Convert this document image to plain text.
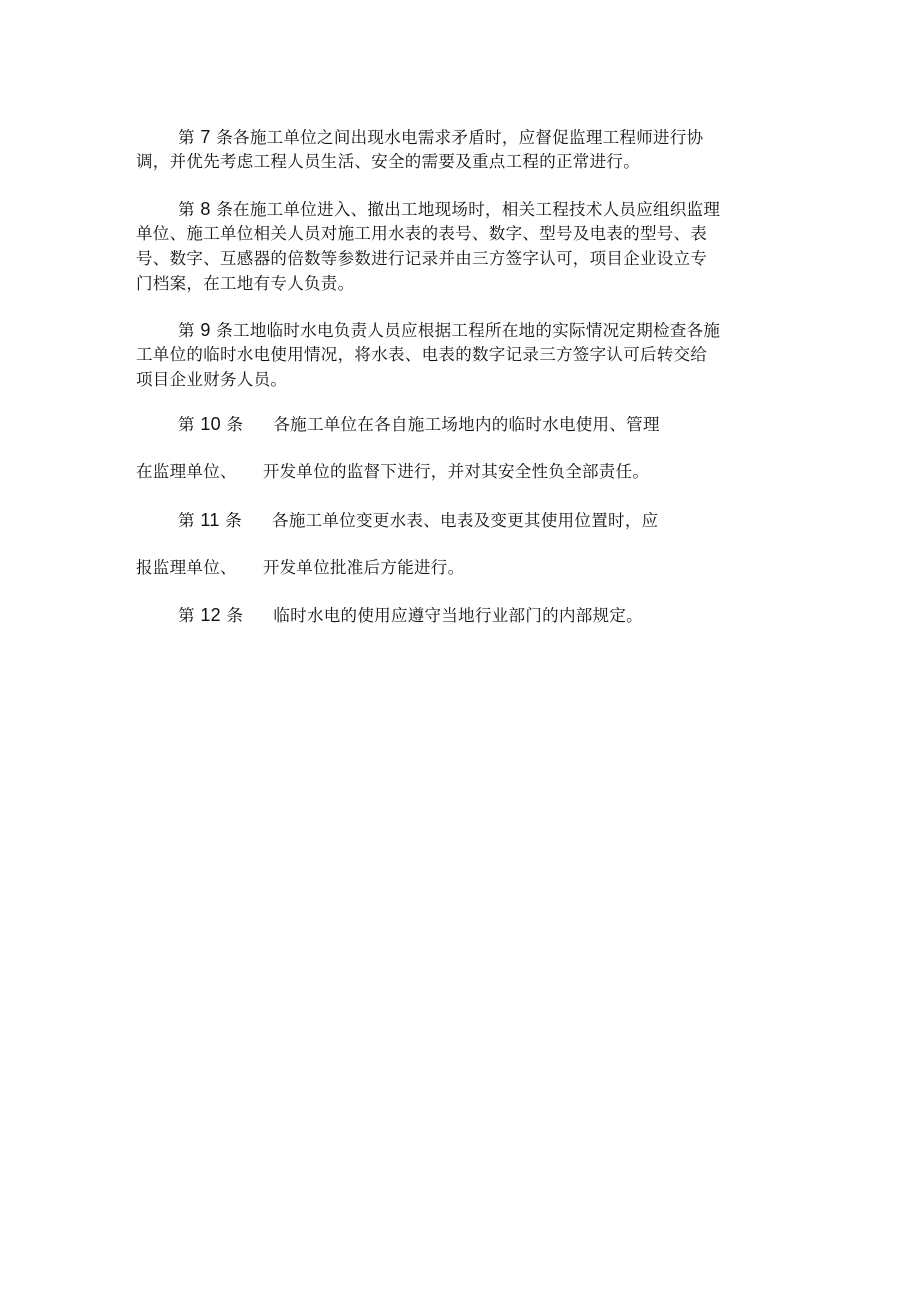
第 7 条各施工单位之间出现水电需求矛盾时，应督促监理工程师进行协
调，并优先考虑工程人员生活、安全的需要及重点工程的正常进行。
第 8 条在施工单位进入、撤出工地现场时，相关工程技术人员应组织监理
单位、施工单位相关人员对施工用水表的表号、数字、型号及电表的型号、表
号、数字、互感器的倍数等参数进行记录并由三方签字认可，项目企业设立专
门档案，在工地有专人负责。
第 9 条工地临时水电负责人员应根据工程所在地的实际情况定期检查各施
工单位的临时水电使用情况，将水表、电表的数字记录三方签字认可后转交给
项目企业财务人员。
第 10 条 各施工单位在各自施工场地内的临时水电使用、管理
在监理单位、 开发单位的监督下进行，并对其安全性负全部责任。
第 11 条 各施工单位变更水表、电表及变更其使用位置时，应
报监理单位、 开发单位批准后方能进行。
第 12 条 临时水电的使用应遵守当地行业部门的内部规定。
